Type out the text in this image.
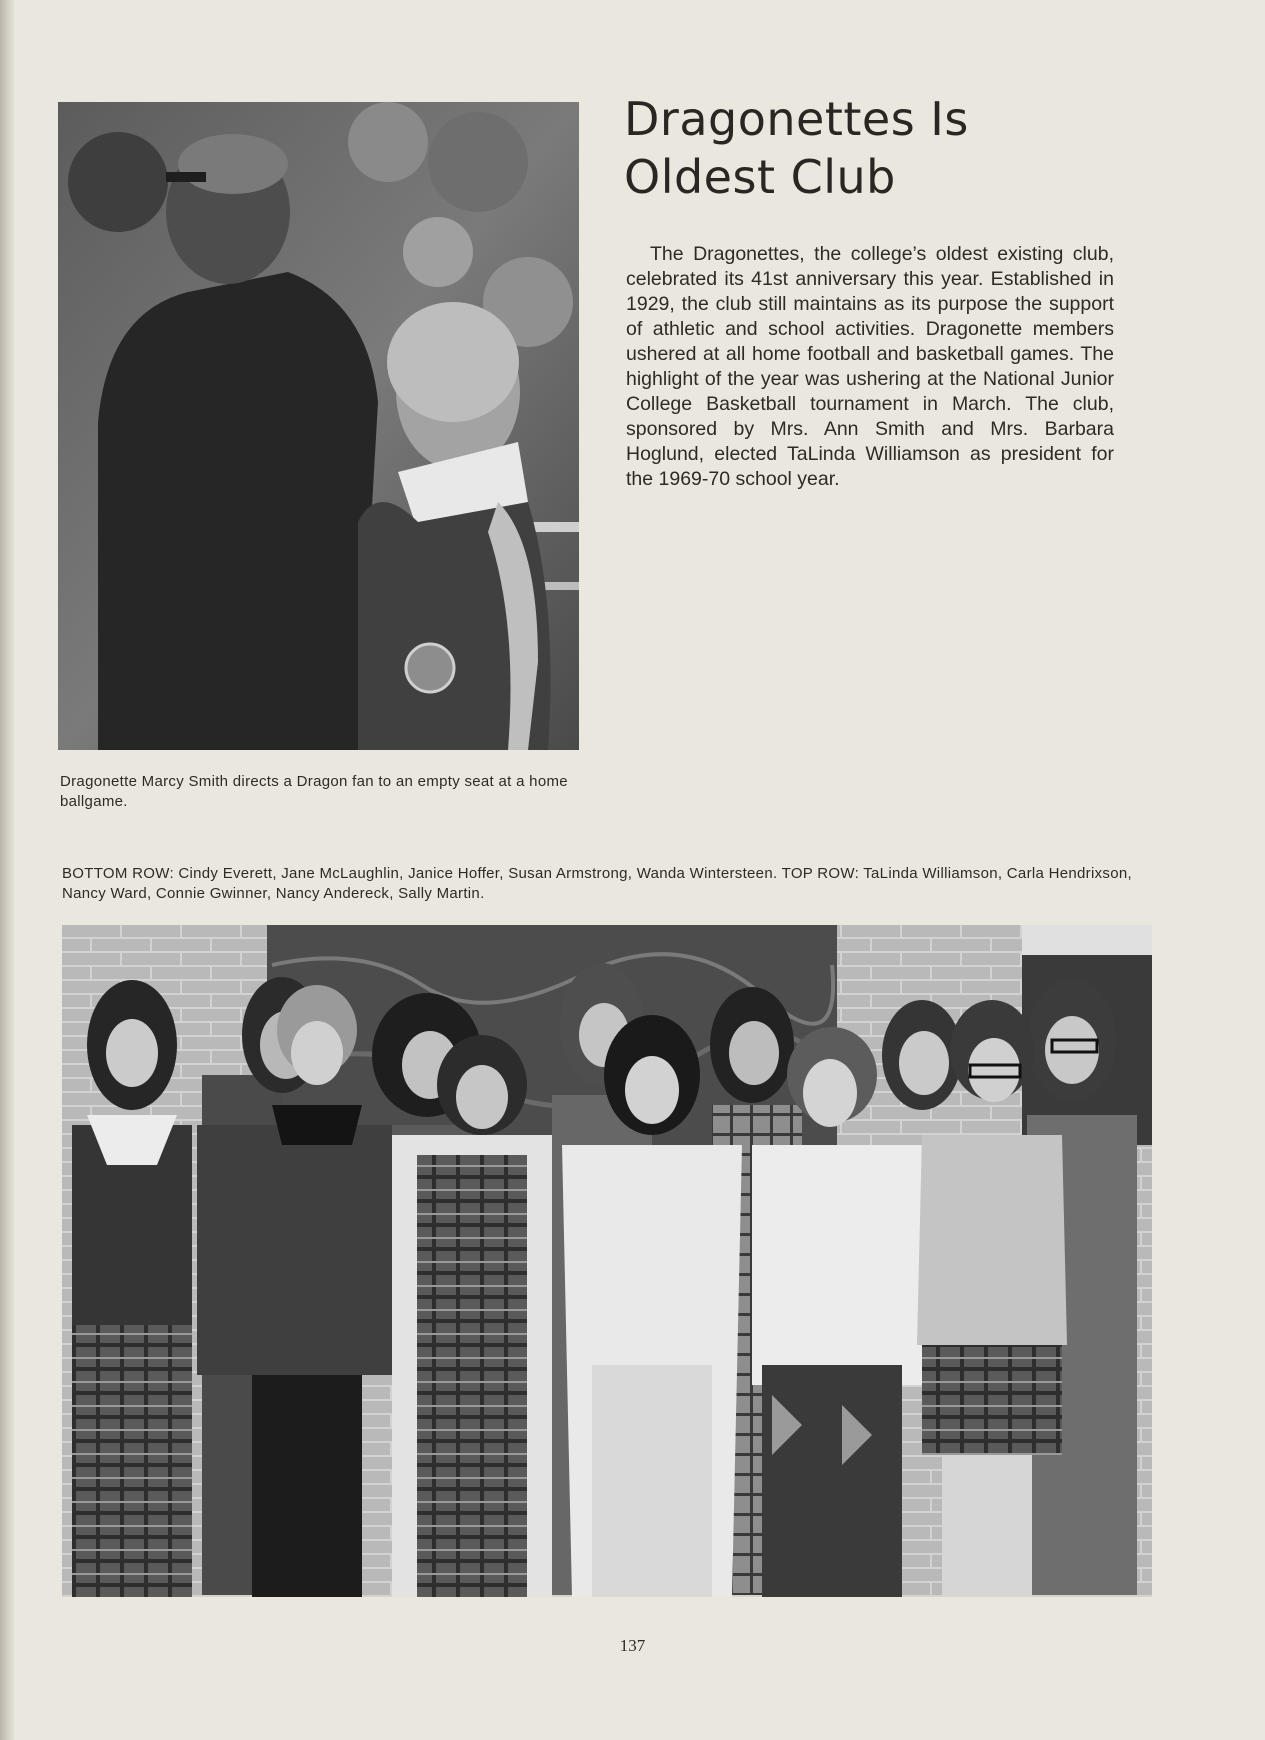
Dragonettes Is
Oldest Club

The Dragonettes, the college’s oldest existing club, celebrated its 41st anniversary this year. Established in 1929, the club still maintains as its purpose the support of athletic and school activities. Dragonette members ushered at all home football and basketball games. The highlight of the year was ushering at the National Junior College Basketball tournament in March. The club, sponsored by Mrs. Ann Smith and Mrs. Barbara Hoglund, elected TaLinda Williamson as president for the 1969-70 school year.

Dragonette Marcy Smith directs a Dragon fan to an empty seat at a home ballgame.

BOTTOM ROW: Cindy Everett, Jane McLaughlin, Janice Hoffer, Susan Armstrong, Wanda Wintersteen. TOP ROW: TaLinda Williamson, Carla Hendrixson, Nancy Ward, Connie Gwinner, Nancy Andereck, Sally Martin.

137
